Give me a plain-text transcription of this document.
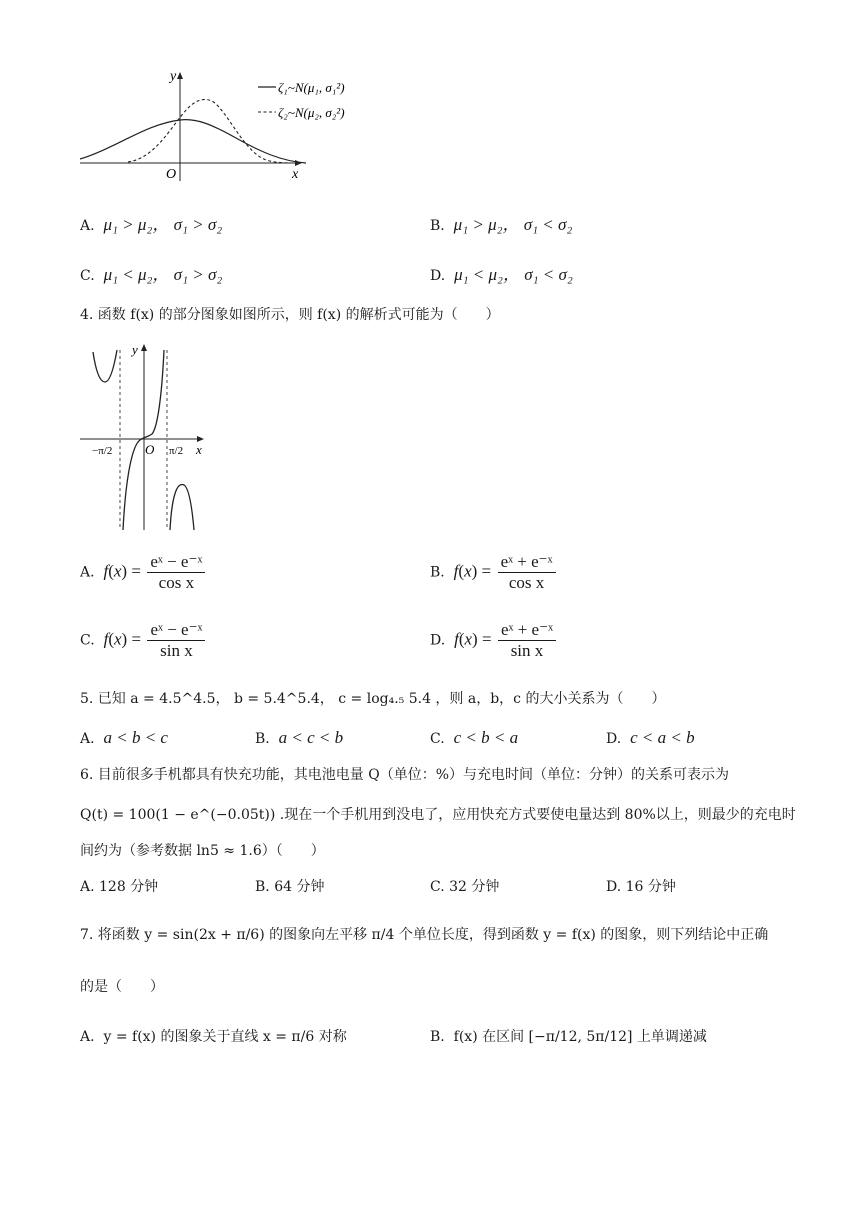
ζ₁~N(μ₁, σ₁²)
ζ₂~N(μ₂, σ₂²)
y
x
O
A. μ₁ > μ₂， σ₁ > σ₂	B. μ₁ > μ₂， σ₁ < σ₂
C. μ₁ < μ₂， σ₁ > σ₂	D. μ₁ < μ₂， σ₁ < σ₂
4. 函数 f(x) 的部分图象如图所示，则 f(x) 的解析式可能为（　　）
y
x
O
−π/2	π/2
A. $f(x) = \frac{\text{eˣ − e⁻ˣ}}{\text{cos x}}$	B. $f(x) = \frac{\text{eˣ + e⁻ˣ}}{\text{cos x}}$
C. $f(x) = \frac{\text{eˣ − e⁻ˣ}}{\text{sin x}}$	D. $f(x) = \frac{\text{eˣ + e⁻ˣ}}{\text{sin x}}$
5. 已知 a = 4.5^4.5， b = 5.4^5.4， c = log₄.₅ 5.4 ，则 a，b，c 的大小关系为（　　）
A. a < b < c	B. a < c < b	C. c < b < a	D. c < a < b
6. 目前很多手机都具有快充功能，其电池电量 Q（单位：%）与充电时间（单位：分钟）的关系可表示为
Q(t) = 100(1 − e^(−0.05t)) .现在一个手机用到没电了，应用快充方式要使电量达到 80%以上，则最少的充电时
间约为（参考数据 ln5 ≈ 1.6）（　　）
A. 128 分钟	B. 64 分钟	C. 32 分钟	D. 16 分钟
7. 将函数 y = sin(2x + π/6) 的图象向左平移 π/4 个单位长度，得到函数 y = f(x) 的图象，则下列结论中正确
的是（　　）
A. y = f(x) 的图象关于直线 x = π/6 对称	B. f(x) 在区间 [−π/12, 5π/12] 上单调递减
